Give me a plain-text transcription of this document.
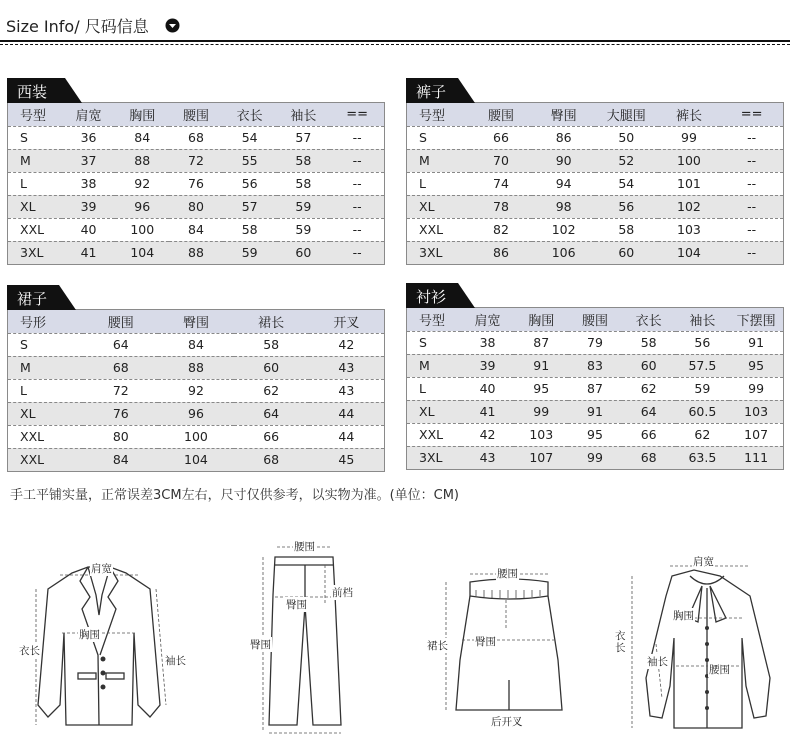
Size Info/ 尺码信息
西装
号型	肩宽	胸围	腰围	衣长	袖长	==
S	36	84	68	54	57	--
M	37	88	72	55	58	--
L	38	92	76	56	58	--
XL	39	96	80	57	59	--
XXL	40	100	84	58	59	--
3XL	41	104	88	59	60	--
裤子
号型	腰围	臀围	大腿围	裤长	==
S	66	86	50	99	--
M	70	90	52	100	--
L	74	94	54	101	--
XL	78	98	56	102	--
XXL	82	102	58	103	--
3XL	86	106	60	104	--
裙子
号形	腰围	臀围	裙长	开叉
S	64	84	58	42
M	68	88	60	43
L	72	92	62	43
XL	76	96	64	44
XXL	80	100	66	44
XXL	84	104	68	45
衬衫
号型	肩宽	胸围	腰围	衣长	袖长	下摆围
S	38	87	79	58	56	91
M	39	91	83	60	57.5	95
L	40	95	87	62	59	99
XL	41	99	91	64	60.5	103
XXL	42	103	95	66	62	107
3XL	43	107	99	68	63.5	111
手工平铺实量，正常误差3CM左右，尺寸仅供参考，以实物为准。(单位：CM)
肩宽
胸围
衣长
袖长
腰围
臀围
前档
臀围
腰围
臀围
裙长
后开叉
肩宽
胸围
衣长
袖长
腰围
